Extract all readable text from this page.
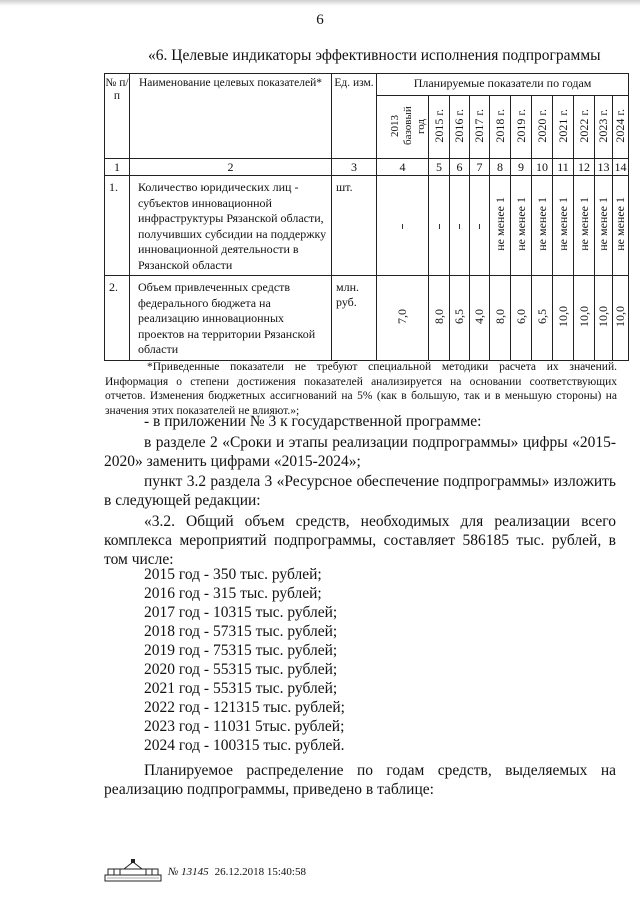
6
«6. Целевые индикаторы эффективности исполнения подпрограммы
№ п/п	Наименование целевых показателей*	Ед. изм.	Планируемые показатели по годам										
			2013 базовый год	2015 г.	2016 г.	2017 г.	2018 г.	2019 г.	2020 г.	2021 г.	2022 г.	2023 г.	2024 г.
1	2	3	4	5	6	7	8	9	10	11	12	13	14
1.	Количество юридических лиц - субъектов инновационной инфраструктуры Рязанской области, получивших субсидии на поддержку инновационной деятельности в Рязанской области	шт.					не менее 1	не менее 1	не менее 1	не менее 1	не менее 1	не менее 1	не менее 1
2.	Объем привлеченных средств федерального бюджета на реализацию инновационных проектов на территории Рязанской области	млн. руб.	7,0	8,0	6,5	4,0	8,0	6,0	6,5	10,0	10,0	10,0	10,0
*Приведенные показатели не требуют специальной методики расчета их значений. Информация о степени достижения показателей анализируется на основании соответствующих отчетов. Изменения бюджетных ассигнований на 5% (как в большую, так и в меньшую стороны) на значения этих показателей не влияют.»;
- в приложении № 3 к государственной программе:
в разделе 2 «Сроки и этапы реализации подпрограммы» цифры «2015-2020» заменить цифрами «2015-2024»;
пункт 3.2 раздела 3 «Ресурсное обеспечение подпрограммы» изложить в следующей редакции:
«3.2. Общий объем средств, необходимых для реализации всего комплекса мероприятий подпрограммы, составляет 586185 тыс. рублей, в том числе:
2015 год - 350 тыс. рублей;
2016 год - 315 тыс. рублей;
2017 год - 10315 тыс. рублей;
2018 год - 57315 тыс. рублей;
2019 год - 75315 тыс. рублей;
2020 год - 55315 тыс. рублей;
2021 год - 55315 тыс. рублей;
2022 год - 121315 тыс. рублей;
2023 год - 11031 5тыс. рублей;
2024 год - 100315 тыс. рублей.
Планируемое распределение по годам средств, выделяемых на реализацию подпрограммы, приведено в таблице:
№ 13145 26.12.2018 15:40:58
